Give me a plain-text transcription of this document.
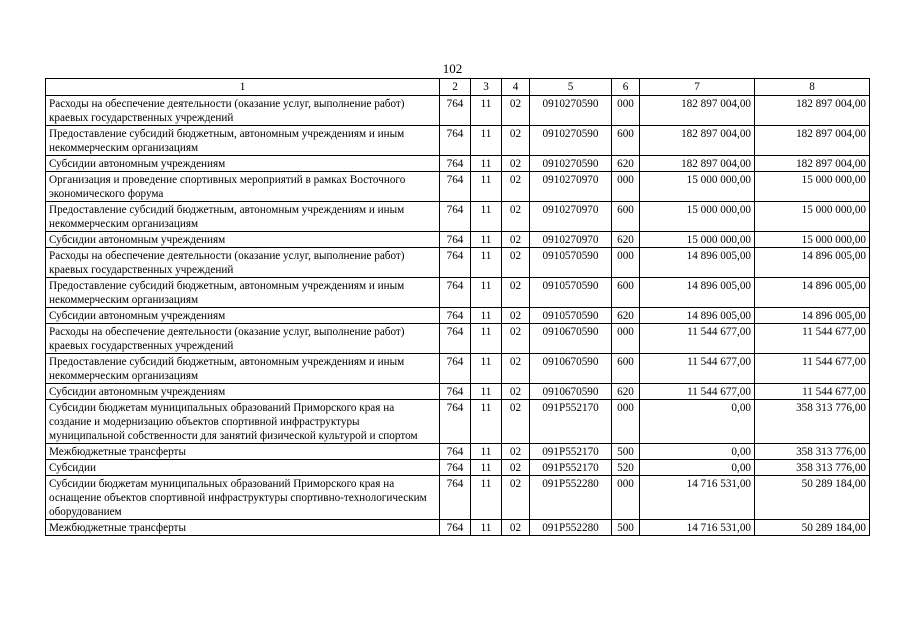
102
1	2	3	4	5	6	7	8
Расходы на обеспечение деятельности (оказание услуг, выполнение работ) краевых государственных учреждений	764	11	02	0910270590	000	182 897 004,00	182 897 004,00
Предоставление субсидий бюджетным, автономным учреждениям и иным некоммерческим организациям	764	11	02	0910270590	600	182 897 004,00	182 897 004,00
Субсидии автономным учреждениям	764	11	02	0910270590	620	182 897 004,00	182 897 004,00
Организация и проведение спортивных мероприятий в рамках Восточного экономического форума	764	11	02	0910270970	000	15 000 000,00	15 000 000,00
Предоставление субсидий бюджетным, автономным учреждениям и иным некоммерческим организациям	764	11	02	0910270970	600	15 000 000,00	15 000 000,00
Субсидии автономным учреждениям	764	11	02	0910270970	620	15 000 000,00	15 000 000,00
Расходы на обеспечение деятельности (оказание услуг, выполнение работ) краевых государственных учреждений	764	11	02	0910570590	000	14 896 005,00	14 896 005,00
Предоставление субсидий бюджетным, автономным учреждениям и иным некоммерческим организациям	764	11	02	0910570590	600	14 896 005,00	14 896 005,00
Субсидии автономным учреждениям	764	11	02	0910570590	620	14 896 005,00	14 896 005,00
Расходы на обеспечение деятельности (оказание услуг, выполнение работ) краевых государственных учреждений	764	11	02	0910670590	000	11 544 677,00	11 544 677,00
Предоставление субсидий бюджетным, автономным учреждениям и иным некоммерческим организациям	764	11	02	0910670590	600	11 544 677,00	11 544 677,00
Субсидии автономным учреждениям	764	11	02	0910670590	620	11 544 677,00	11 544 677,00
Субсидии бюджетам муниципальных образований Приморского края на создание и модернизацию объектов спортивной инфраструктуры муниципальной собственности для занятий физической культурой и спортом	764	11	02	091P552170	000	0,00	358 313 776,00
Межбюджетные трансферты	764	11	02	091P552170	500	0,00	358 313 776,00
Субсидии	764	11	02	091P552170	520	0,00	358 313 776,00
Субсидии бюджетам муниципальных образований Приморского края на оснащение объектов спортивной инфраструктуры спортивно-технологическим оборудованием	764	11	02	091P552280	000	14 716 531,00	50 289 184,00
Межбюджетные трансферты	764	11	02	091P552280	500	14 716 531,00	50 289 184,00
